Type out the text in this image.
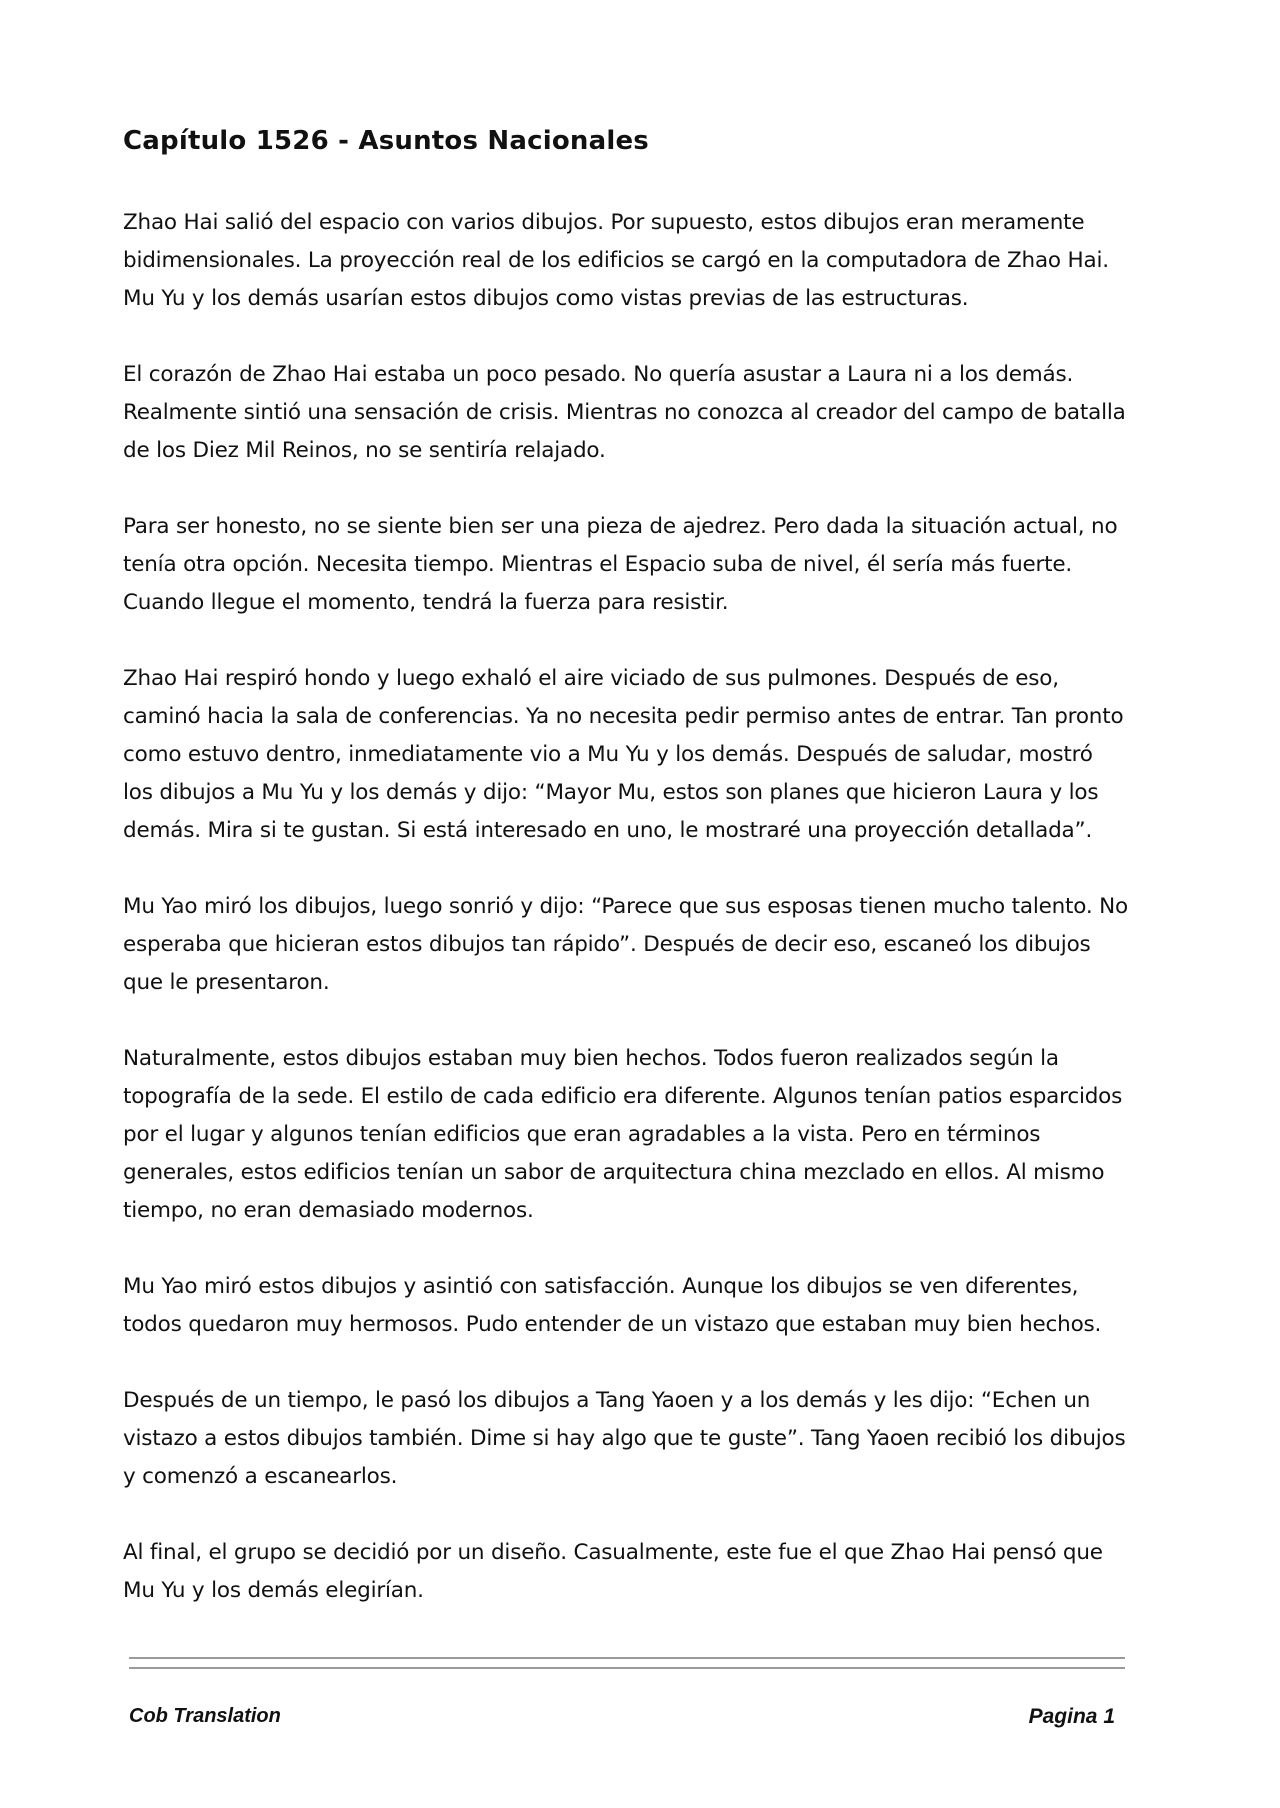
Capítulo 1526 - Asuntos Nacionales

Zhao Hai salió del espacio con varios dibujos. Por supuesto, estos dibujos eran meramente bidimensionales. La proyección real de los edificios se cargó en la computadora de Zhao Hai. Mu Yu y los demás usarían estos dibujos como vistas previas de las estructuras.

El corazón de Zhao Hai estaba un poco pesado. No quería asustar a Laura ni a los demás. Realmente sintió una sensación de crisis. Mientras no conozca al creador del campo de batalla de los Diez Mil Reinos, no se sentiría relajado.

Para ser honesto, no se siente bien ser una pieza de ajedrez. Pero dada la situación actual, no tenía otra opción. Necesita tiempo. Mientras el Espacio suba de nivel, él sería más fuerte. Cuando llegue el momento, tendrá la fuerza para resistir.

Zhao Hai respiró hondo y luego exhaló el aire viciado de sus pulmones. Después de eso, caminó hacia la sala de conferencias. Ya no necesita pedir permiso antes de entrar. Tan pronto como estuvo dentro, inmediatamente vio a Mu Yu y los demás. Después de saludar, mostró los dibujos a Mu Yu y los demás y dijo: “Mayor Mu, estos son planes que hicieron Laura y los demás. Mira si te gustan. Si está interesado en uno, le mostraré una proyección detallada”.

Mu Yao miró los dibujos, luego sonrió y dijo: “Parece que sus esposas tienen mucho talento. No esperaba que hicieran estos dibujos tan rápido”. Después de decir eso, escaneó los dibujos que le presentaron.

Naturalmente, estos dibujos estaban muy bien hechos. Todos fueron realizados según la topografía de la sede. El estilo de cada edificio era diferente. Algunos tenían patios esparcidos por el lugar y algunos tenían edificios que eran agradables a la vista. Pero en términos generales, estos edificios tenían un sabor de arquitectura china mezclado en ellos. Al mismo tiempo, no eran demasiado modernos.

Mu Yao miró estos dibujos y asintió con satisfacción. Aunque los dibujos se ven diferentes, todos quedaron muy hermosos. Pudo entender de un vistazo que estaban muy bien hechos.

Después de un tiempo, le pasó los dibujos a Tang Yaoen y a los demás y les dijo: “Echen un vistazo a estos dibujos también. Dime si hay algo que te guste”. Tang Yaoen recibió los dibujos y comenzó a escanearlos.

Al final, el grupo se decidió por un diseño. Casualmente, este fue el que Zhao Hai pensó que Mu Yu y los demás elegirían.

Cob Translation	Pagina 1
